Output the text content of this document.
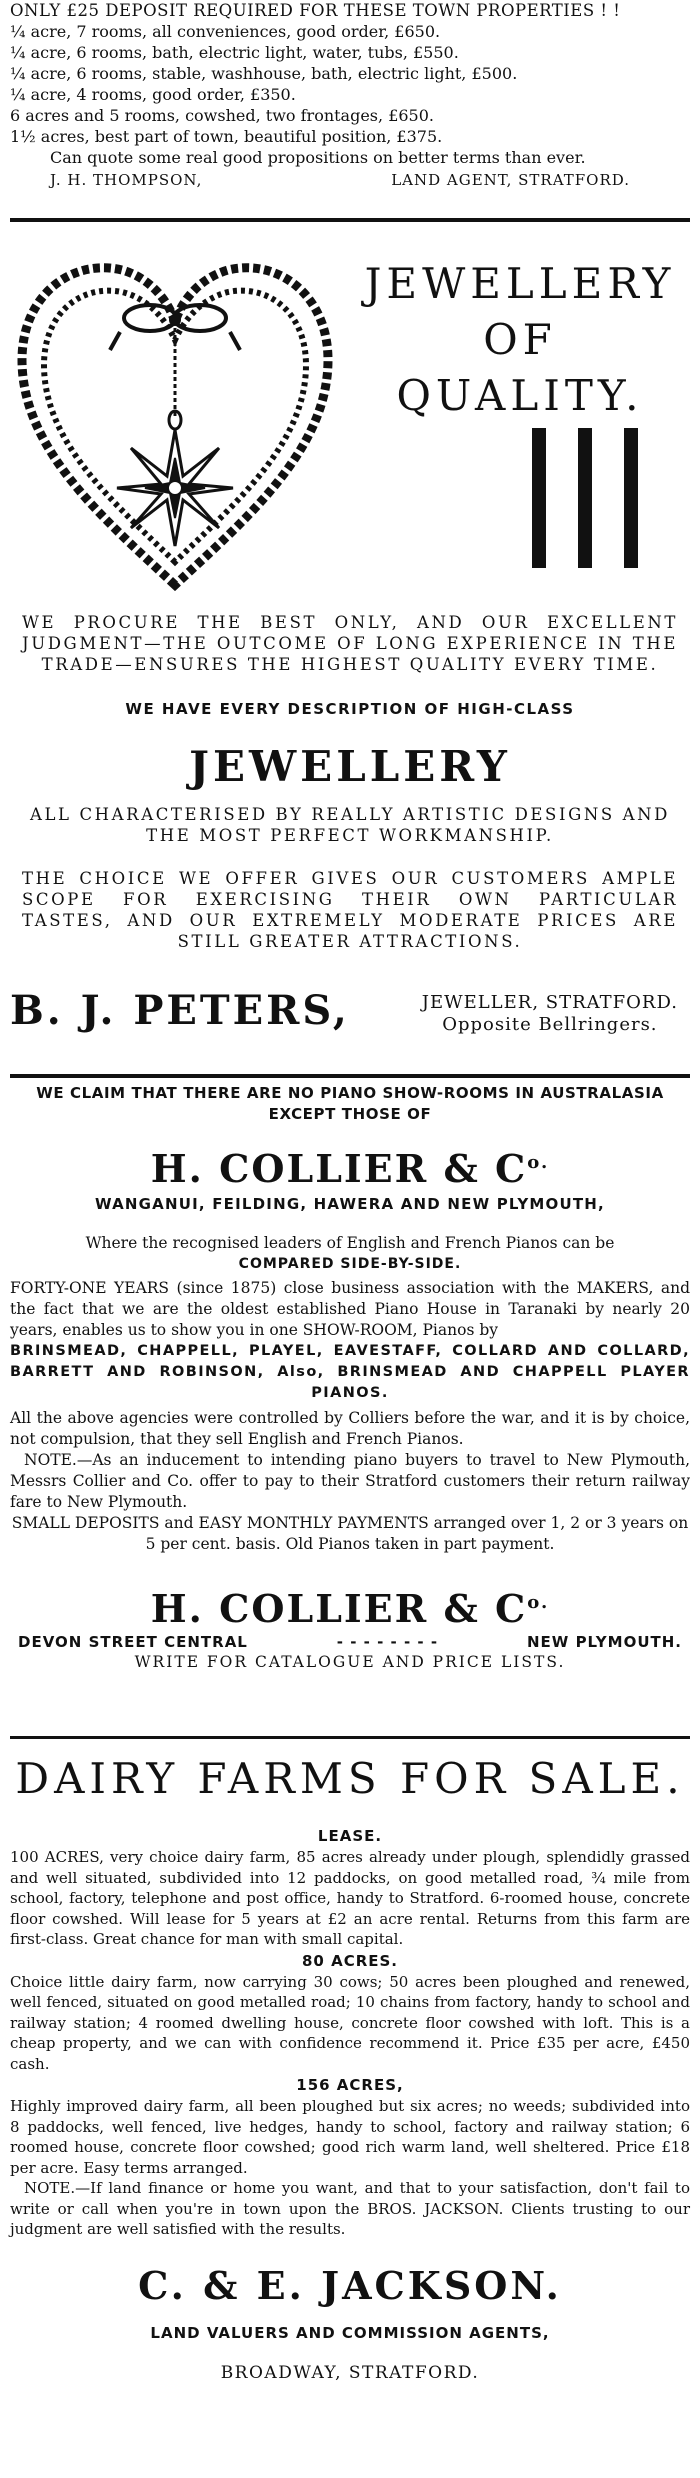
ONLY £25 DEPOSIT REQUIRED FOR THESE TOWN PROPERTIES ! !

¼ acre, 7 rooms, all conveniences, good order, £650.

¼ acre, 6 rooms, bath, electric light, water, tubs, £550.

¼ acre, 6 rooms, stable, washhouse, bath, electric light, £500.

¼ acre, 4 rooms, good order, £350.

6 acres and 5 rooms, cowshed, two frontages, £650.

1½ acres, best part of town, beautiful position, £375.

Can quote some real good propositions on better terms than ever.

J. H. THOMPSON,	LAND AGENT, STRATFORD.
JEWELLERY
OF
QUALITY.

WE PROCURE THE BEST ONLY, AND OUR EXCELLENT JUDGMENT—THE OUTCOME OF LONG EXPERIENCE IN THE TRADE—ENSURES THE HIGHEST QUALITY EVERY TIME.

WE HAVE EVERY DESCRIPTION OF HIGH-CLASS

JEWELLERY

ALL CHARACTERISED BY REALLY ARTISTIC DESIGNS AND THE MOST PERFECT WORKMANSHIP.

THE CHOICE WE OFFER GIVES OUR CUSTOMERS AMPLE SCOPE FOR EXERCISING THEIR OWN PARTICULAR TASTES, AND OUR EXTREMELY MODERATE PRICES ARE STILL GREATER ATTRACTIONS.

B. J. PETERS,	JEWELLER, STRATFORD.
Opposite Bellringers.

WE CLAIM THAT THERE ARE NO PIANO SHOW-ROOMS IN AUSTRALASIA EXCEPT THOSE OF

H. COLLIER & $C^{o.}$

WANGANUI, FEILDING, HAWERA AND NEW PLYMOUTH,

Where the recognised leaders of English and French Pianos can be

COMPARED SIDE-BY-SIDE.

FORTY-ONE YEARS (since 1875) close business association with the MAKERS, and the fact that we are the oldest established Piano House in Taranaki by nearly 20 years, enables us to show you in one SHOW-ROOM, Pianos by

BRINSMEAD, CHAPPELL, PLAYEL, EAVESTAFF, COLLARD AND COLLARD, BARRETT AND ROBINSON, Also, BRINSMEAD AND CHAPPELL PLAYER PIANOS.

All the above agencies were controlled by Colliers before the war, and it is by choice, not compulsion, that they sell English and French Pianos.

NOTE.—As an inducement to intending piano buyers to travel to New Plymouth, Messrs Collier and Co. offer to pay to their Stratford customers their return railway fare to New Plymouth.

SMALL DEPOSITS and EASY MONTHLY PAYMENTS arranged over 1, 2 or 3 years on 5 per cent. basis. Old Pianos taken in part payment.

H. COLLIER & $C^{o.}$
DEVON STREET CENTRAL	- - - - - - - -	NEW PLYMOUTH.

WRITE FOR CATALOGUE AND PRICE LISTS.

DAIRY FARMS FOR SALE.

LEASE.

100 ACRES, very choice dairy farm, 85 acres already under plough, splendidly grassed and well situated, subdivided into 12 paddocks, on good metalled road, ¾ mile from school, factory, telephone and post office, handy to Stratford. 6-roomed house, concrete floor cowshed. Will lease for 5 years at £2 an acre rental. Returns from this farm are first-class. Great chance for man with small capital.

80 ACRES.

Choice little dairy farm, now carrying 30 cows; 50 acres been ploughed and renewed, well fenced, situated on good metalled road; 10 chains from factory, handy to school and railway station; 4 roomed dwelling house, concrete floor cowshed with loft. This is a cheap property, and we can with confidence recommend it. Price £35 per acre, £450 cash.

156 ACRES,

Highly improved dairy farm, all been ploughed but six acres; no weeds; subdivided into 8 paddocks, well fenced, live hedges, handy to school, factory and railway station; 6 roomed house, concrete floor cowshed; good rich warm land, well sheltered. Price £18 per acre. Easy terms arranged.

NOTE.—If land finance or home you want, and that to your satisfaction, don't fail to write or call when you're in town upon the BROS. JACKSON. Clients trusting to our judgment are well satisfied with the results.

C. & E. JACKSON.

LAND VALUERS AND COMMISSION AGENTS,

BROADWAY, STRATFORD.
